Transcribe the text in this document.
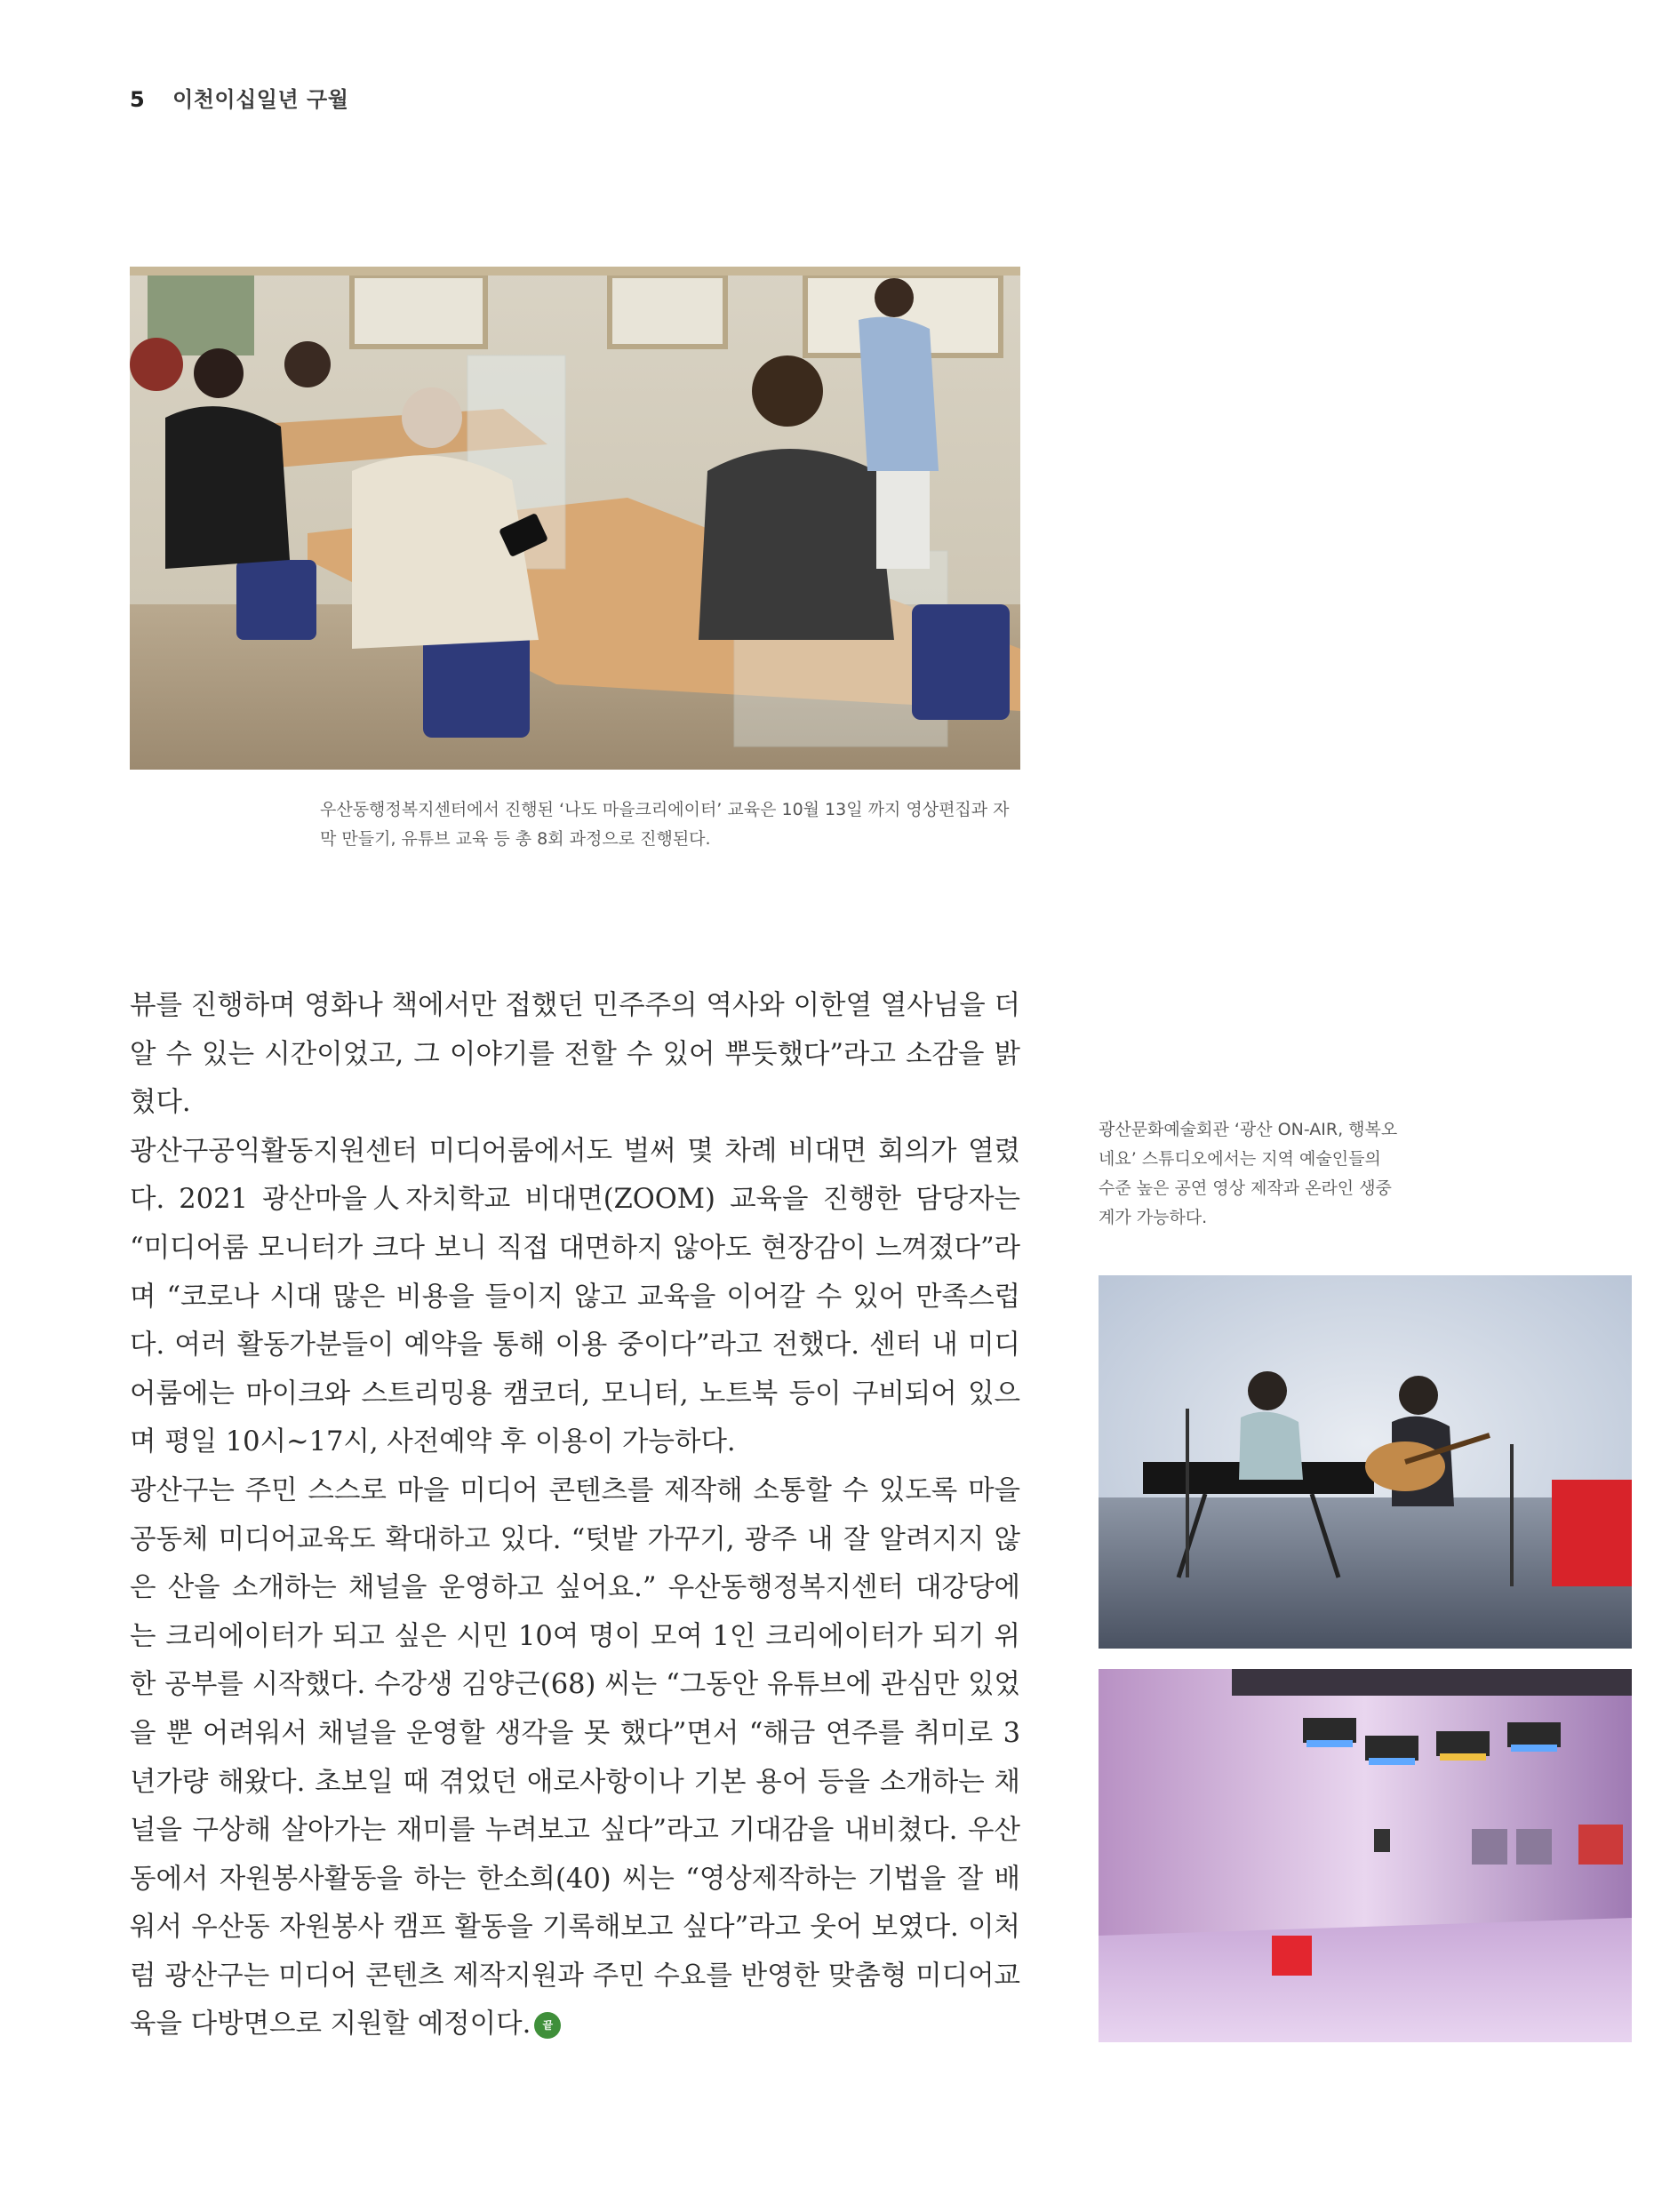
5 이천이십일년 구월
우산동행정복지센터에서 진행된 ‘나도 마을크리에이터’ 교육은 10월 13일 까지 영상편집과 자막 만들기, 유튜브 교육 등 총 8회 과정으로 진행된다.

뷰를 진행하며 영화나 책에서만 접했던 민주주의 역사와 이한열 열사님을 더 알 수 있는 시간이었고, 그 이야기를 전할 수 있어 뿌듯했다”라고 소감을 밝혔다.

광산구공익활동지원센터 미디어룸에서도 벌써 몇 차례 비대면 회의가 열렸다. 2021 광산마을人자치학교 비대면(ZOOM) 교육을 진행한 담당자는 “미디어룸 모니터가 크다 보니 직접 대면하지 않아도 현장감이 느껴졌다”라며 “코로나 시대 많은 비용을 들이지 않고 교육을 이어갈 수 있어 만족스럽다. 여러 활동가분들이 예약을 통해 이용 중이다”라고 전했다. 센터 내 미디어룸에는 마이크와 스트리밍용 캠코더, 모니터, 노트북 등이 구비되어 있으며 평일 10시~17시, 사전예약 후 이용이 가능하다.

광산구는 주민 스스로 마을 미디어 콘텐츠를 제작해 소통할 수 있도록 마을공동체 미디어교육도 확대하고 있다. “텃밭 가꾸기, 광주 내 잘 알려지지 않은 산을 소개하는 채널을 운영하고 싶어요.” 우산동행정복지센터 대강당에는 크리에이터가 되고 싶은 시민 10여 명이 모여 1인 크리에이터가 되기 위한 공부를 시작했다. 수강생 김양근(68) 씨는 “그동안 유튜브에 관심만 있었을 뿐 어려워서 채널을 운영할 생각을 못 했다”면서 “해금 연주를 취미로 3년가량 해왔다. 초보일 때 겪었던 애로사항이나 기본 용어 등을 소개하는 채널을 구상해 살아가는 재미를 누려보고 싶다”라고 기대감을 내비쳤다. 우산동에서 자원봉사활동을 하는 한소희(40) 씨는 “영상제작하는 기법을 잘 배워서 우산동 자원봉사 캠프 활동을 기록해보고 싶다”라고 웃어 보였다. 이처럼 광산구는 미디어 콘텐츠 제작지원과 주민 수요를 반영한 맞춤형 미디어교육을 다방면으로 지원할 예정이다. 끝

광산문화예술회관 ‘광산 ON-AIR, 행복오네요’ 스튜디오에서는 지역 예술인들의 수준 높은 공연 영상 제작과 온라인 생중계가 가능하다.
